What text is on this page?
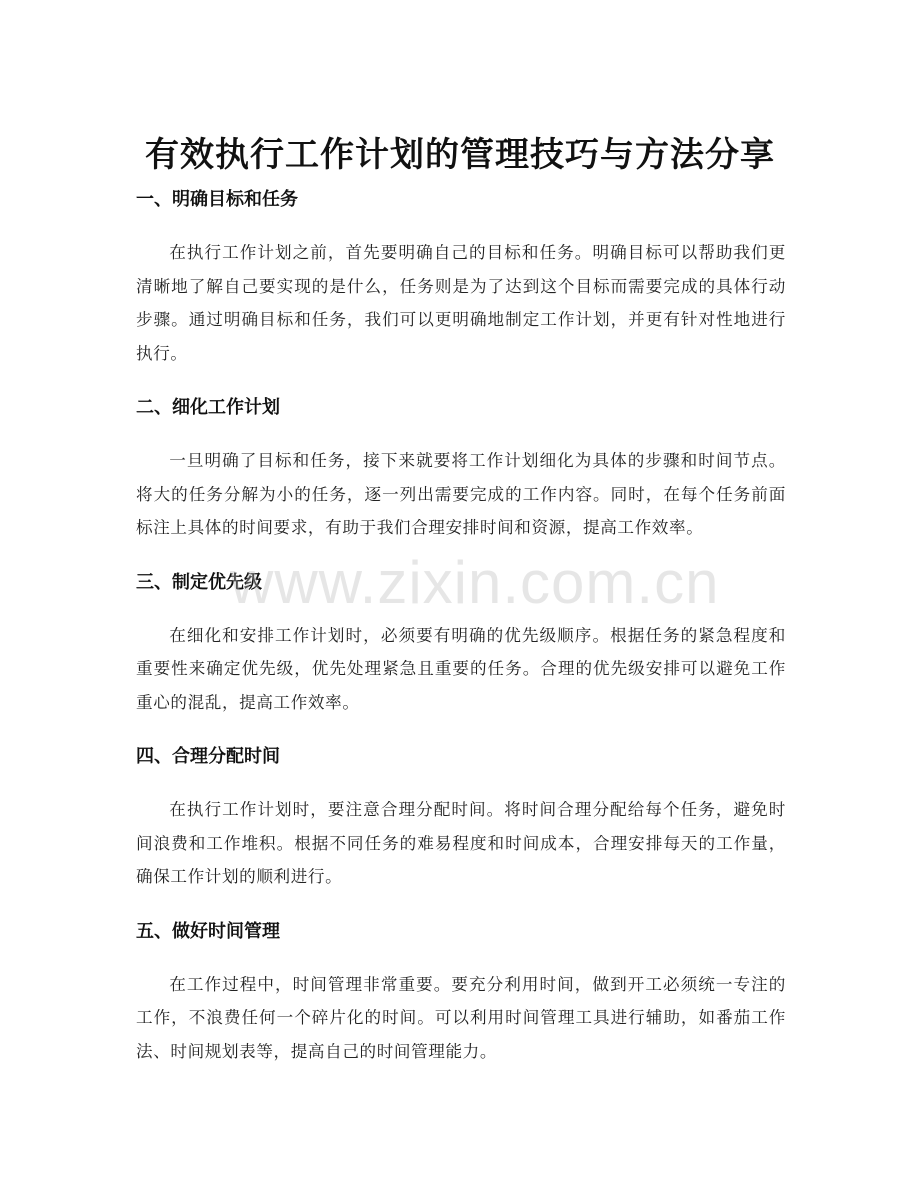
有效执行工作计划的管理技巧与方法分享
一、明确目标和任务

在执行工作计划之前，首先要明确自己的目标和任务。明确目标可以帮助我们更清晰地了解自己要实现的是什么，任务则是为了达到这个目标而需要完成的具体行动步骤。通过明确目标和任务，我们可以更明确地制定工作计划，并更有针对性地进行执行。

二、细化工作计划

一旦明确了目标和任务，接下来就要将工作计划细化为具体的步骤和时间节点。将大的任务分解为小的任务，逐一列出需要完成的工作内容。同时，在每个任务前面标注上具体的时间要求，有助于我们合理安排时间和资源，提高工作效率。

三、制定优先级

在细化和安排工作计划时，必须要有明确的优先级顺序。根据任务的紧急程度和重要性来确定优先级，优先处理紧急且重要的任务。合理的优先级安排可以避免工作重心的混乱，提高工作效率。

四、合理分配时间

在执行工作计划时，要注意合理分配时间。将时间合理分配给每个任务，避免时间浪费和工作堆积。根据不同任务的难易程度和时间成本，合理安排每天的工作量，确保工作计划的顺利进行。

五、做好时间管理

在工作过程中，时间管理非常重要。要充分利用时间，做到开工必须统一专注的工作，不浪费任何一个碎片化的时间。可以利用时间管理工具进行辅助，如番茄工作法、时间规划表等，提高自己的时间管理能力。

www.zixin.com.cn
